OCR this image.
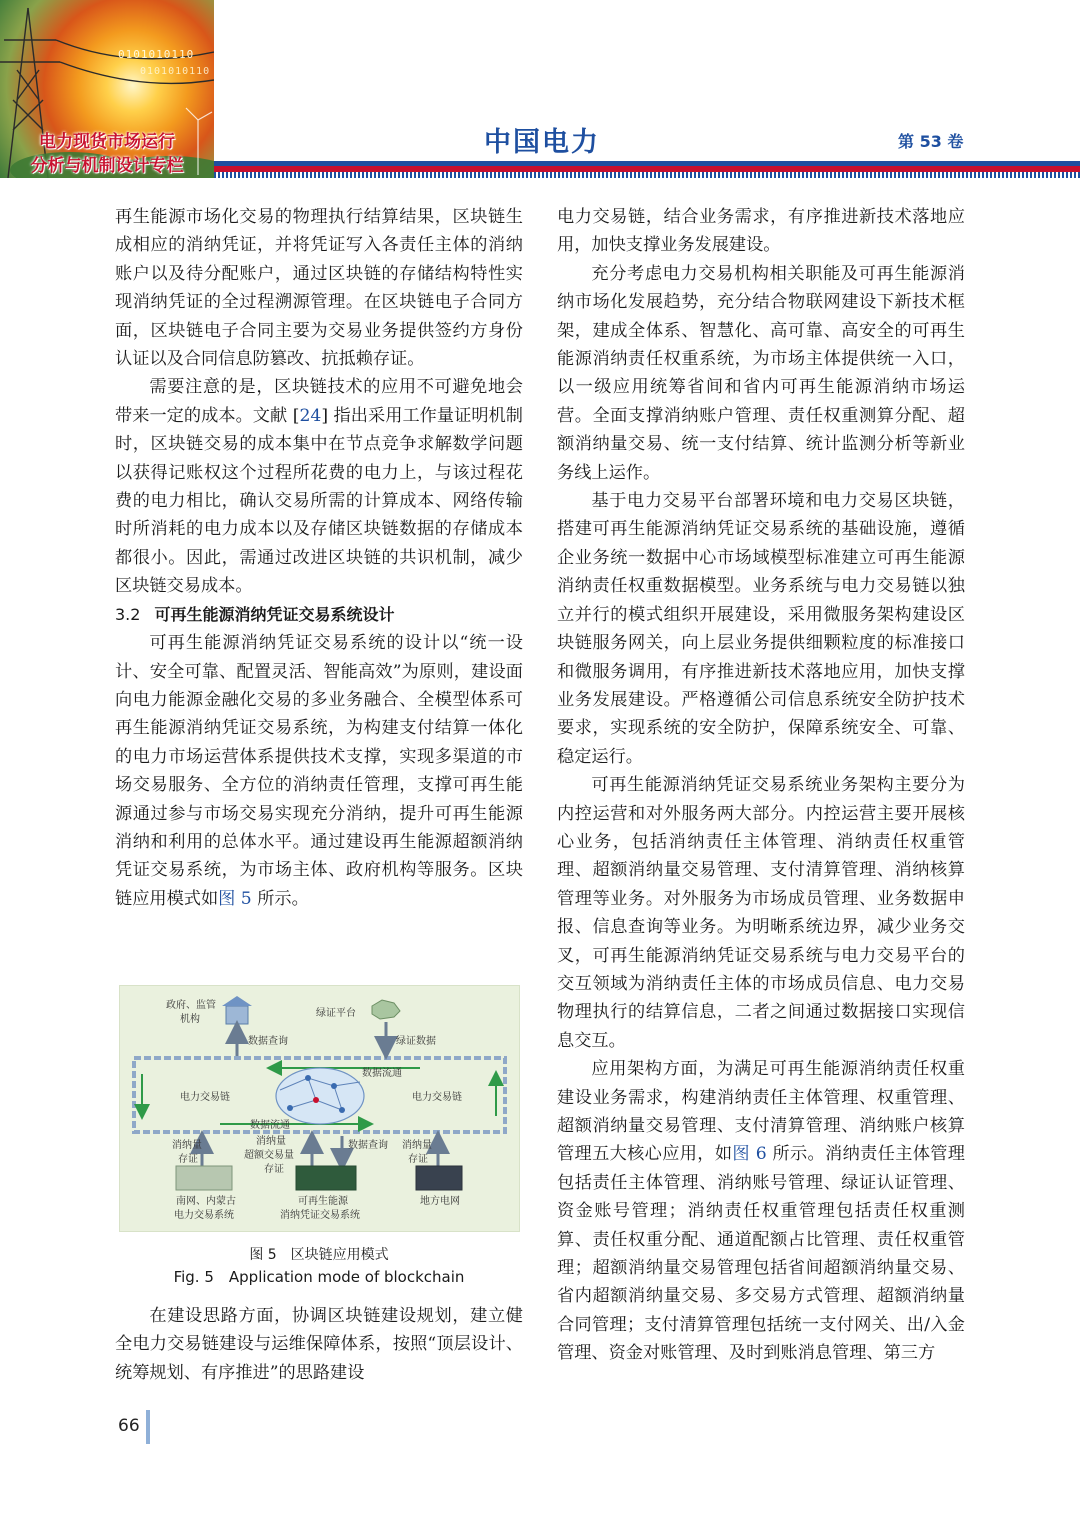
0101010110
0101010110
电力现货市场运行
分析与机制设计专栏
中国电力	第 53 卷

再生能源市场化交易的物理执行结算结果，区块链生成相应的消纳凭证，并将凭证写入各责任主体的消纳账户以及待分配账户，通过区块链的存储结构特性实现消纳凭证的全过程溯源管理。在区块链电子合同方面，区块链电子合同主要为交易业务提供签约方身份认证以及合同信息防篡改、抗抵赖存证。

需要注意的是，区块链技术的应用不可避免地会带来一定的成本。文献 [24] 指出采用工作量证明机制时，区块链交易的成本集中在节点竞争求解数学问题以获得记账权这个过程所花费的电力上，与该过程花费的电力相比，确认交易所需的计算成本、网络传输时所消耗的电力成本以及存储区块链数据的存储成本都很小。因此，需通过改进区块链的共识机制，减少区块链交易成本。

3.2 可再生能源消纳凭证交易系统设计

可再生能源消纳凭证交易系统的设计以“统一设计、安全可靠、配置灵活、智能高效”为原则，建设面向电力能源金融化交易的多业务融合、全模型体系可再生能源消纳凭证交易系统，为构建支付结算一体化的电力市场运营体系提供技术支撑，实现多渠道的市场交易服务、全方位的消纳责任管理，支撑可再生能源通过参与市场交易实现充分消纳，提升可再生能源消纳和利用的总体水平。通过建设再生能源超额消纳凭证交易系统，为市场主体、政府机构等服务。区块链应用模式如图 5 所示。

政府、监管
机构
数据查询
绿证平台
绿证数据
数据流通
电力交易链	电力交易链
数据流通
消纳量
存证
消纳量
超额交易量
存证
数据查询 消纳量
存证
南网、内蒙古
电力交易系统
可再生能源
消纳凭证交易系统
地方电网
图 5　区块链应用模式
Fig. 5　Application mode of blockchain

在建设思路方面，协调区块链建设规划，建立健全电力交易链建设与运维保障体系，按照“顶层设计、统筹规划、有序推进”的思路建设

电力交易链，结合业务需求，有序推进新技术落地应用，加快支撑业务发展建设。

充分考虑电力交易机构相关职能及可再生能源消纳市场化发展趋势，充分结合物联网建设下新技术框架，建成全体系、智慧化、高可靠、高安全的可再生能源消纳责任权重系统，为市场主体提供统一入口，以一级应用统筹省间和省内可再生能源消纳市场运营。全面支撑消纳账户管理、责任权重测算分配、超额消纳量交易、统一支付结算、统计监测分析等新业务线上运作。

基于电力交易平台部署环境和电力交易区块链，搭建可再生能源消纳凭证交易系统的基础设施，遵循企业务统一数据中心市场域模型标准建立可再生能源消纳责任权重数据模型。业务系统与电力交易链以独立并行的模式组织开展建设，采用微服务架构建设区块链服务网关，向上层业务提供细颗粒度的标准接口和微服务调用，有序推进新技术落地应用，加快支撑业务发展建设。严格遵循公司信息系统安全防护技术要求，实现系统的安全防护，保障系统安全、可靠、稳定运行。

可再生能源消纳凭证交易系统业务架构主要分为内控运营和对外服务两大部分。内控运营主要开展核心业务，包括消纳责任主体管理、消纳责任权重管理、超额消纳量交易管理、支付清算管理、消纳核算管理等业务。对外服务为市场成员管理、业务数据申报、信息查询等业务。为明晰系统边界，减少业务交叉，可再生能源消纳凭证交易系统与电力交易平台的交互领域为消纳责任主体的市场成员信息、电力交易物理执行的结算信息，二者之间通过数据接口实现信息交互。

应用架构方面，为满足可再生能源消纳责任权重建设业务需求，构建消纳责任主体管理、权重管理、超额消纳量交易管理、支付清算管理、消纳账户核算管理五大核心应用，如图 6 所示。消纳责任主体管理包括责任主体管理、消纳账号管理、绿证认证管理、资金账号管理；消纳责任权重管理包括责任权重测算、责任权重分配、通道配额占比管理、责任权重管理；超额消纳量交易管理包括省间超额消纳量交易、省内超额消纳量交易、多交易方式管理、超额消纳量合同管理；支付清算管理包括统一支付网关、出/入金管理、资金对账管理、及时到账消息管理、第三方

66
